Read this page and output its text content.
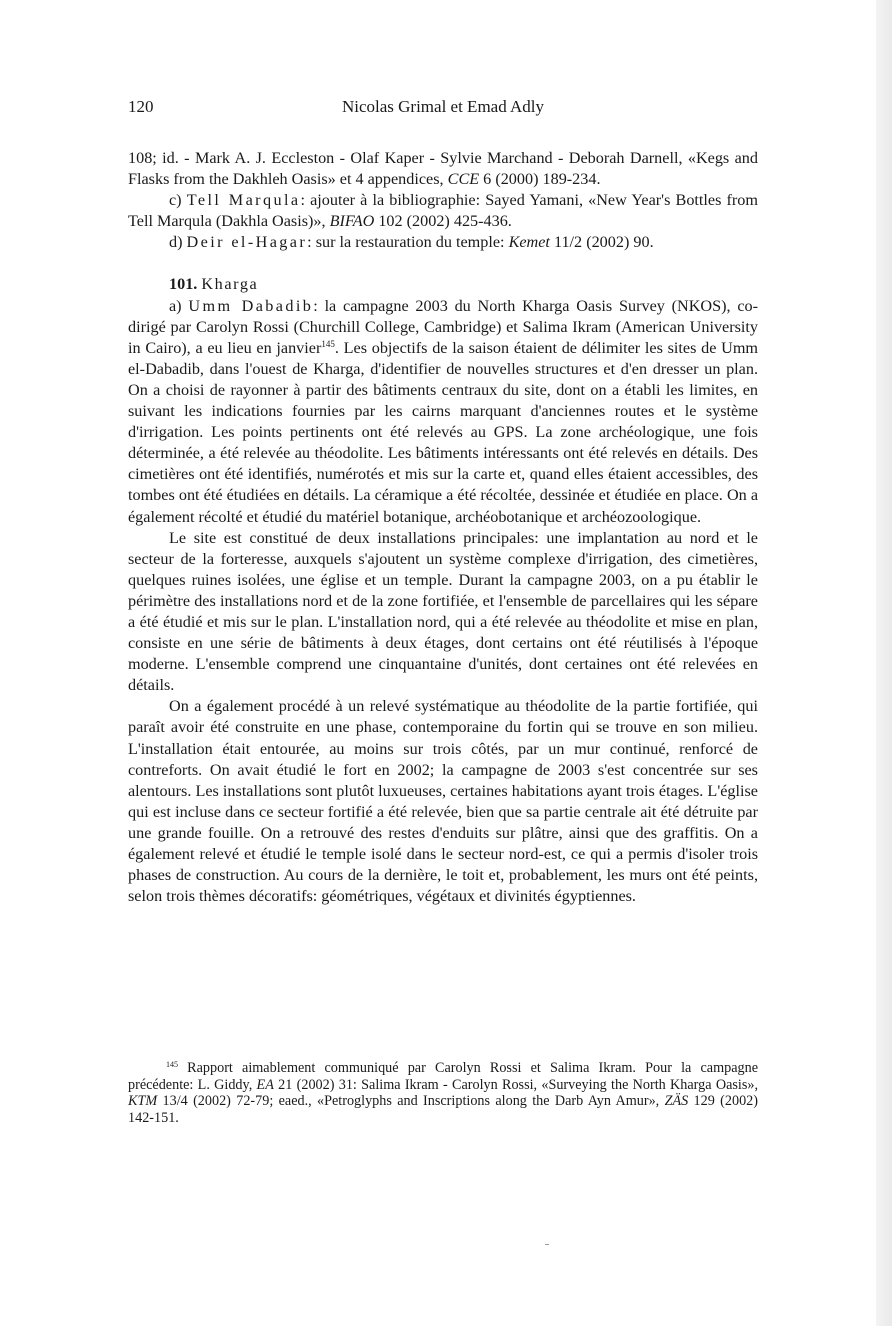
120	Nicolas Grimal et Emad Adly

108; id. - Mark A. J. Eccleston - Olaf Kaper - Sylvie Marchand - Deborah Darnell, «Kegs and Flasks from the Dakhleh Oasis» et 4 appendices, CCE 6 (2000) 189-234.

c) Tell Marqula: ajouter à la bibliographie: Sayed Yamani, «New Year's Bottles from Tell Marqula (Dakhla Oasis)», BIFAO 102 (2002) 425-436.

d) Deir el-Hagar: sur la restauration du temple: Kemet 11/2 (2002) 90.

101. Kharga

a) Umm Dabadib: la campagne 2003 du North Kharga Oasis Survey (NKOS), co-dirigé par Carolyn Rossi (Churchill College, Cambridge) et Salima Ikram (American University in Cairo), a eu lieu en janvier$^{145}$. Les objectifs de la saison étaient de délimiter les sites de Umm el-Dabadib, dans l'ouest de Kharga, d'identifier de nouvelles structures et d'en dresser un plan. On a choisi de rayonner à partir des bâtiments centraux du site, dont on a établi les limites, en suivant les indications fournies par les cairns marquant d'anciennes routes et le système d'irrigation. Les points pertinents ont été relevés au GPS. La zone archéologique, une fois déterminée, a été relevée au théodolite. Les bâtiments intéressants ont été relevés en détails. Des cimetières ont été identifiés, numérotés et mis sur la carte et, quand elles étaient accessibles, des tombes ont été étudiées en détails. La céramique a été récoltée, dessinée et étudiée en place. On a également récolté et étudié du matériel botanique, archéobotanique et archéozoologique.

Le site est constitué de deux installations principales: une implantation au nord et le secteur de la forteresse, auxquels s'ajoutent un système complexe d'irrigation, des cimetières, quelques ruines isolées, une église et un temple. Durant la campagne 2003, on a pu établir le périmètre des installations nord et de la zone fortifiée, et l'ensemble de parcellaires qui les sépare a été étudié et mis sur le plan. L'installation nord, qui a été relevée au théodolite et mise en plan, consiste en une série de bâtiments à deux étages, dont certains ont été réutilisés à l'époque moderne. L'ensemble comprend une cinquantaine d'unités, dont certaines ont été relevées en détails.

On a également procédé à un relevé systématique au théodolite de la partie fortifiée, qui paraît avoir été construite en une phase, contemporaine du fortin qui se trouve en son milieu. L'installation était entourée, au moins sur trois côtés, par un mur continué, renforcé de contreforts. On avait étudié le fort en 2002; la campagne de 2003 s'est concentrée sur ses alentours. Les installations sont plutôt luxueuses, certaines habitations ayant trois étages. L'église qui est incluse dans ce secteur fortifié a été relevée, bien que sa partie centrale ait été détruite par une grande fouille. On a retrouvé des restes d'enduits sur plâtre, ainsi que des graffitis. On a également relevé et étudié le temple isolé dans le secteur nord-est, ce qui a permis d'isoler trois phases de construction. Au cours de la dernière, le toit et, probablement, les murs ont été peints, selon trois thèmes décoratifs: géométriques, végétaux et divinités égyptiennes.

$^{145}$ Rapport aimablement communiqué par Carolyn Rossi et Salima Ikram. Pour la campagne précédente: L. Giddy, EA 21 (2002) 31: Salima Ikram - Carolyn Rossi, «Surveying the North Kharga Oasis», KTM 13/4 (2002) 72-79; eaed., «Petroglyphs and Inscriptions along the Darb Ayn Amur», ZÄS 129 (2002) 142-151.
